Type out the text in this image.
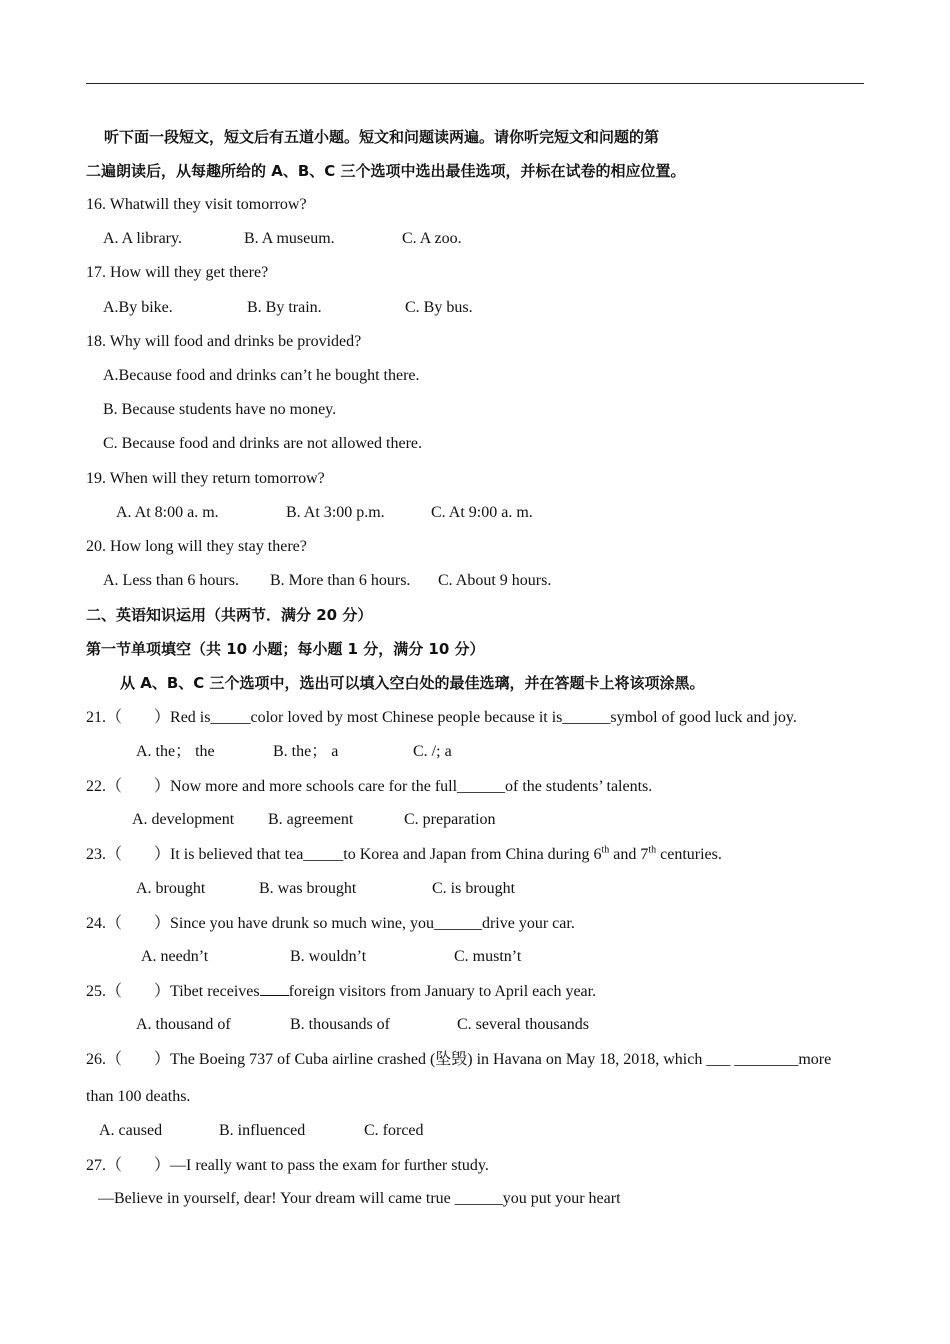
听下面一段短文，短文后有五道小题。短文和问题读两遍。请你听完短文和问题的第
二遍朗读后，从每趣所给的 A、B、C 三个选项中选出最佳选项，并标在试卷的相应位置。
16. Whatwill they visit tomorrow?
A. A library.	B. A museum.	C. A zoo.
17. How will they get there?
A.By bike.	B. By train.	C. By bus.
18. Why will food and drinks be provided?
A.Because food and drinks can’t he bought there.
B. Because students have no money.
C. Because food and drinks are not allowed there.
19. When will they return tomorrow?
A. At 8:00 a. m.	B. At 3:00 p.m.	C. At 9:00 a. m.
20. How long will they stay there?
A. Less than 6 hours. B. More than 6 hours. C. About 9 hours.
二、英语知识运用（共两节．满分 20 分）
第一节单项填空（共 10 小题；每小题 1 分，满分 10 分）
从 A、B、C 三个选项中，选出可以填入空白处的最佳选璃，并在答题卡上将该项涂黑。
21.（　　）Red is_____color loved by most Chinese people because it is______symbol of good luck and joy.
A. the； the	B. the； a	C. /; a
22.（　　）Now more and more schools care for the full______of the students’ talents.
A. development B. agreement	C. preparation
23.（　　）It is believed that tea_____to Korea and Japan from China during 6th and 7th centuries.
A. brought	B. was brought	C. is brought
24.（　　）Since you have drunk so much wine, you______drive your car.
A. needn’t	B. wouldn’t	C. mustn’t
25.（　　）Tibet receives foreign visitors from January to April each year.
A. thousand of	B. thousands of	C. several thousands
26.（　　）The Boeing 737 of Cuba airline crashed (坠毁) in Havana on May 18, 2018, which ___ ________more
than 100 deaths.
A. caused	B. influenced	C. forced
27.（　　）—I really want to pass the exam for further study.
—Believe in yourself, dear! Your dream will came true ______you put your heart
